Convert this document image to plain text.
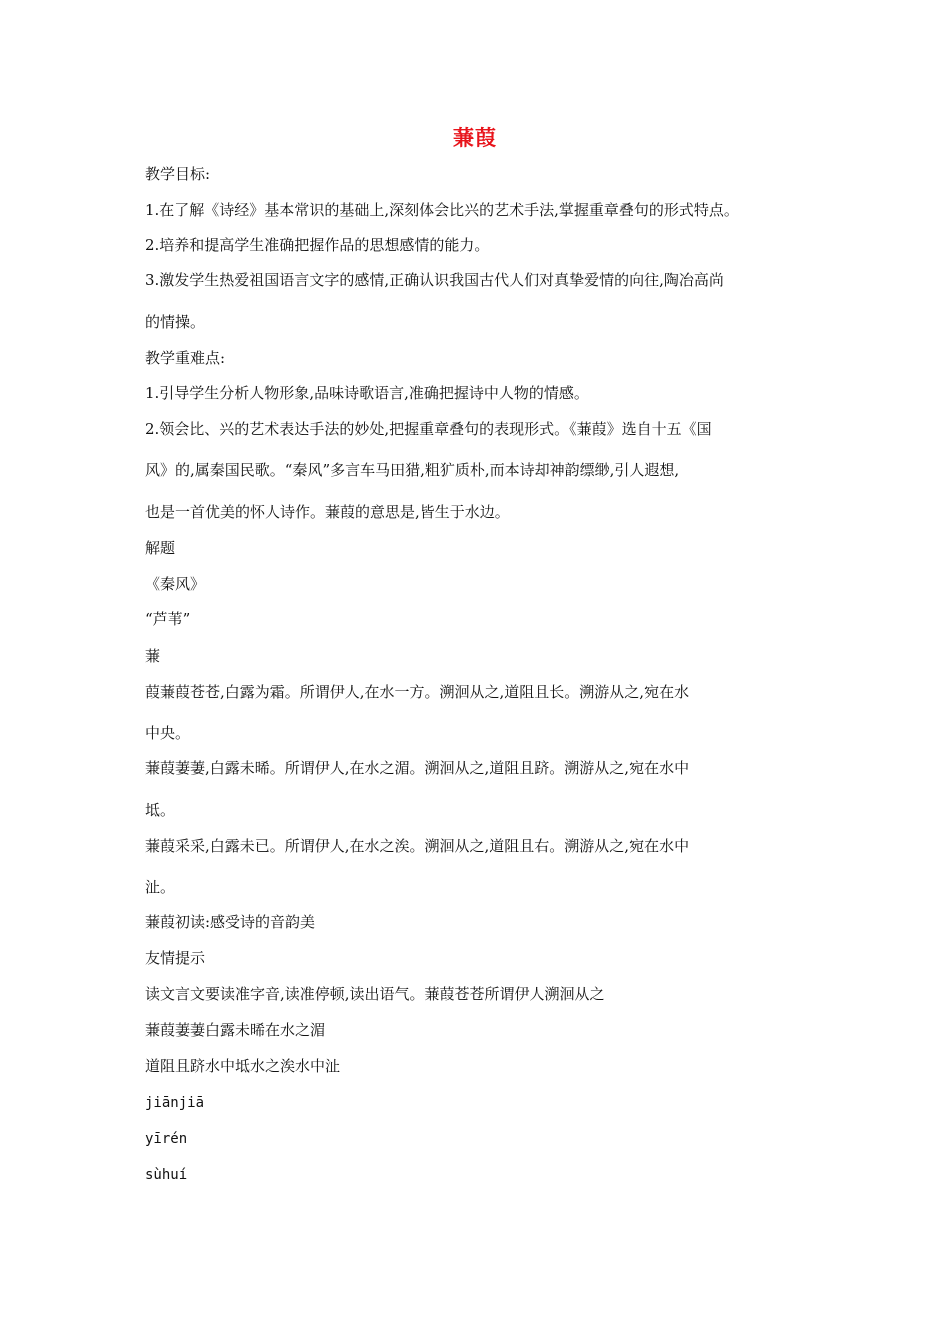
蒹葭
教学目标:
1.在了解《诗经》基本常识的基础上,深刻体会比兴的艺术手法,掌握重章叠句的形式特点。
2.培养和提高学生准确把握作品的思想感情的能力。
3.激发学生热爱祖国语言文字的感情,正确认识我国古代人们对真挚爱情的向往,陶冶高尚
的情操。
教学重难点:
1.引导学生分析人物形象,品味诗歌语言,准确把握诗中人物的情感。
2.领会比、兴的艺术表达手法的妙处,把握重章叠句的表现形式。《蒹葭》选自十五《国
风》的,属秦国民歌。“秦风”多言车马田猎,粗犷质朴,而本诗却神韵缥缈,引人遐想,
也是一首优美的怀人诗作。蒹葭的意思是,皆生于水边。
解题
《秦风》
“芦苇”
蒹
葭蒹葭苍苍,白露为霜。所谓伊人,在水一方。溯洄从之,道阻且长。溯游从之,宛在水
中央。
蒹葭萋萋,白露未晞。所谓伊人,在水之湄。溯洄从之,道阻且跻。溯游从之,宛在水中
坻。
蒹葭采采,白露未已。所谓伊人,在水之涘。溯洄从之,道阻且右。溯游从之,宛在水中
沚。
蒹葭初读:感受诗的音韵美
友情提示
读文言文要读准字音,读准停顿,读出语气。蒹葭苍苍所谓伊人溯洄从之
蒹葭萋萋白露未晞在水之湄
道阻且跻水中坻水之涘水中沚
jiānjiā
yīrén
sùhuí
